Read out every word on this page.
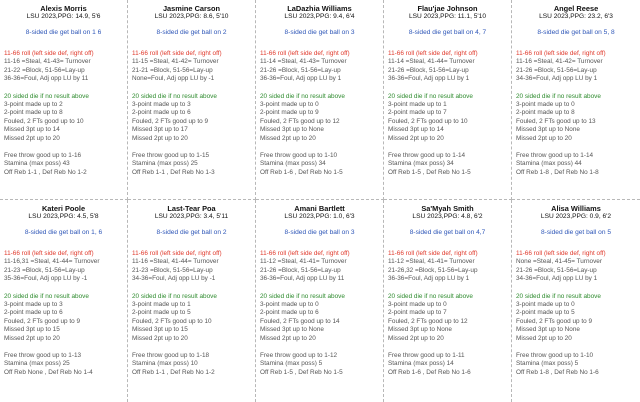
Alexis Morris
LSU 2023,PPG: 14.9, 5'6
8-sided die get ball on 1 6
11-66 roll (left side def, right off)
11-16 =Steal, 41-43= Turnover
21-22 =Block, 51-56=Lay-up
36-36=Foul, Adj opp LU by 11
20 sided die if no result above
3-point made up to 2
2-point made up to 8
Fouled, 2 FTs good up to 10
Missed 3pt up to 14
Missed 2pt up to 20
Free throw good up to 1-16
Stamina (max poss) 43
Off Reb 1-1 , Def Reb No 1-2
Jasmine Carson
LSU 2023,PPG: 8.6, 5'10
8-sided die get ball on 2
11-66 roll (left side def, right off)
11-15 =Steal, 41-42= Turnover
21-21 =Block, 51-56=Lay-up
None=Foul, Adj opp LU by -1
20 sided die if no result above
3-point made up to 3
2-point made up to 6
Fouled, 2 FTs good up to 9
Missed 3pt up to 17
Missed 2pt up to 20
Free throw good up to 1-15
Stamina (max poss) 25
Off Reb 1-1 , Def Reb No 1-3
LaDazhia Williams
LSU 2023,PPG: 9.4, 6'4
8-sided die get ball on 3
11-66 roll (left side def, right off)
11-14 =Steal, 41-43= Turnover
21-26 =Block, 51-56=Lay-up
36-36=Foul, Adj opp LU by 1
20 sided die if no result above
3-point made up to 0
2-point made up to 9
Fouled, 2 FTs good up to 12
Missed 3pt up to None
Missed 2pt up to 20
Free throw good up to 1-10
Stamina (max poss) 34
Off Reb 1-6 , Def Reb No 1-5
Flau'jae Johnson
LSU 2023,PPG: 11.1, 5'10
8-sided die get ball on 4, 7
11-66 roll (left side def, right off)
11-14 =Steal, 41-44= Turnover
21-26 =Block, 51-56=Lay-up
36-36=Foul, Adj opp LU by 1
20 sided die if no result above
3-point made up to 1
2-point made up to 7
Fouled, 2 FTs good up to 10
Missed 3pt up to 14
Missed 2pt up to 20
Free throw good up to 1-14
Stamina (max poss) 34
Off Reb 1-5 , Def Reb No 1-5
Angel Reese
LSU 2023,PPG: 23.2, 6'3
8-sided die get ball on 5, 8
11-66 roll (left side def, right off)
11-16 =Steal, 41-42= Turnover
21-26 =Block, 51-56=Lay-up
34-36=Foul, Adj opp LU by 1
20 sided die if no result above
3-point made up to 0
2-point made up to 8
Fouled, 2 FTs good up to 13
Missed 3pt up to None
Missed 2pt up to 20
Free throw good up to 1-14
Stamina (max poss) 44
Off Reb 1-8 , Def Reb No 1-8
Kateri Poole
LSU 2023,PPG: 4.5, 5'8
8-sided die get ball on 1, 6
11-66 roll (left side def, right off)
11-16,31 =Steal, 41-44= Turnover
21-23 =Block, 51-56=Lay-up
35-36=Foul, Adj opp LU by -1
20 sided die if no result above
3-point made up to 3
2-point made up to 6
Fouled, 2 FTs good up to 9
Missed 3pt up to 15
Missed 2pt up to 20
Free throw good up to 1-13
Stamina (max poss) 25
Off Reb None , Def Reb No 1-4
Last-Tear Poa
LSU 2023,PPG: 3.4, 5'11
8-sided die get ball on 2
11-66 roll (left side def, right off)
11-16 =Steal, 41-44= Turnover
21-23 =Block, 51-56=Lay-up
34-36=Foul, Adj opp LU by -1
20 sided die if no result above
3-point made up to 1
2-point made up to 5
Fouled, 2 FTs good up to 10
Missed 3pt up to 15
Missed 2pt up to 20
Free throw good up to 1-18
Stamina (max poss) 10
Off Reb 1-1 , Def Reb No 1-2
Amani Bartlett
LSU 2023,PPG: 1.0, 6'3
8-sided die get ball on 3
11-66 roll (left side def, right off)
11-12 =Steal, 41-41= Turnover
21-26 =Block, 51-56=Lay-up
36-36=Foul, Adj opp LU by 11
20 sided die if no result above
3-point made up to 0
2-point made up to 6
Fouled, 2 FTs good up to 14
Missed 3pt up to None
Missed 2pt up to 20
Free throw good up to 1-12
Stamina (max poss) 5
Off Reb 1-5 , Def Reb No 1-5
Sa'Myah Smith
LSU 2023,PPG: 4.8, 6'2
8-sided die get ball on 4,7
11-66 roll (left side def, right off)
11-12 =Steal, 41-41= Turnover
21-26,32 =Block, 51-56=Lay-up
36-36=Foul, Adj opp LU by 1
20 sided die if no result above
3-point made up to 0
2-point made up to 7
Fouled, 2 FTs good up to 12
Missed 3pt up to None
Missed 2pt up to 20
Free throw good up to 1-11
Stamina (max poss) 14
Off Reb 1-6 , Def Reb No 1-6
Alisa Williams
LSU 2023,PPG: 0.9, 6'2
8-sided die get ball on 5
11-66 roll (left side def, right off)
None =Steal, 41-45= Turnover
21-26 =Block, 51-56=Lay-up
34-36=Foul, Adj opp LU by 1
20 sided die if no result above
3-point made up to 0
2-point made up to 5
Fouled, 2 FTs good up to 9
Missed 3pt up to None
Missed 2pt up to 20
Free throw good up to 1-10
Stamina (max poss) 5
Off Reb 1-8 , Def Reb No 1-6
